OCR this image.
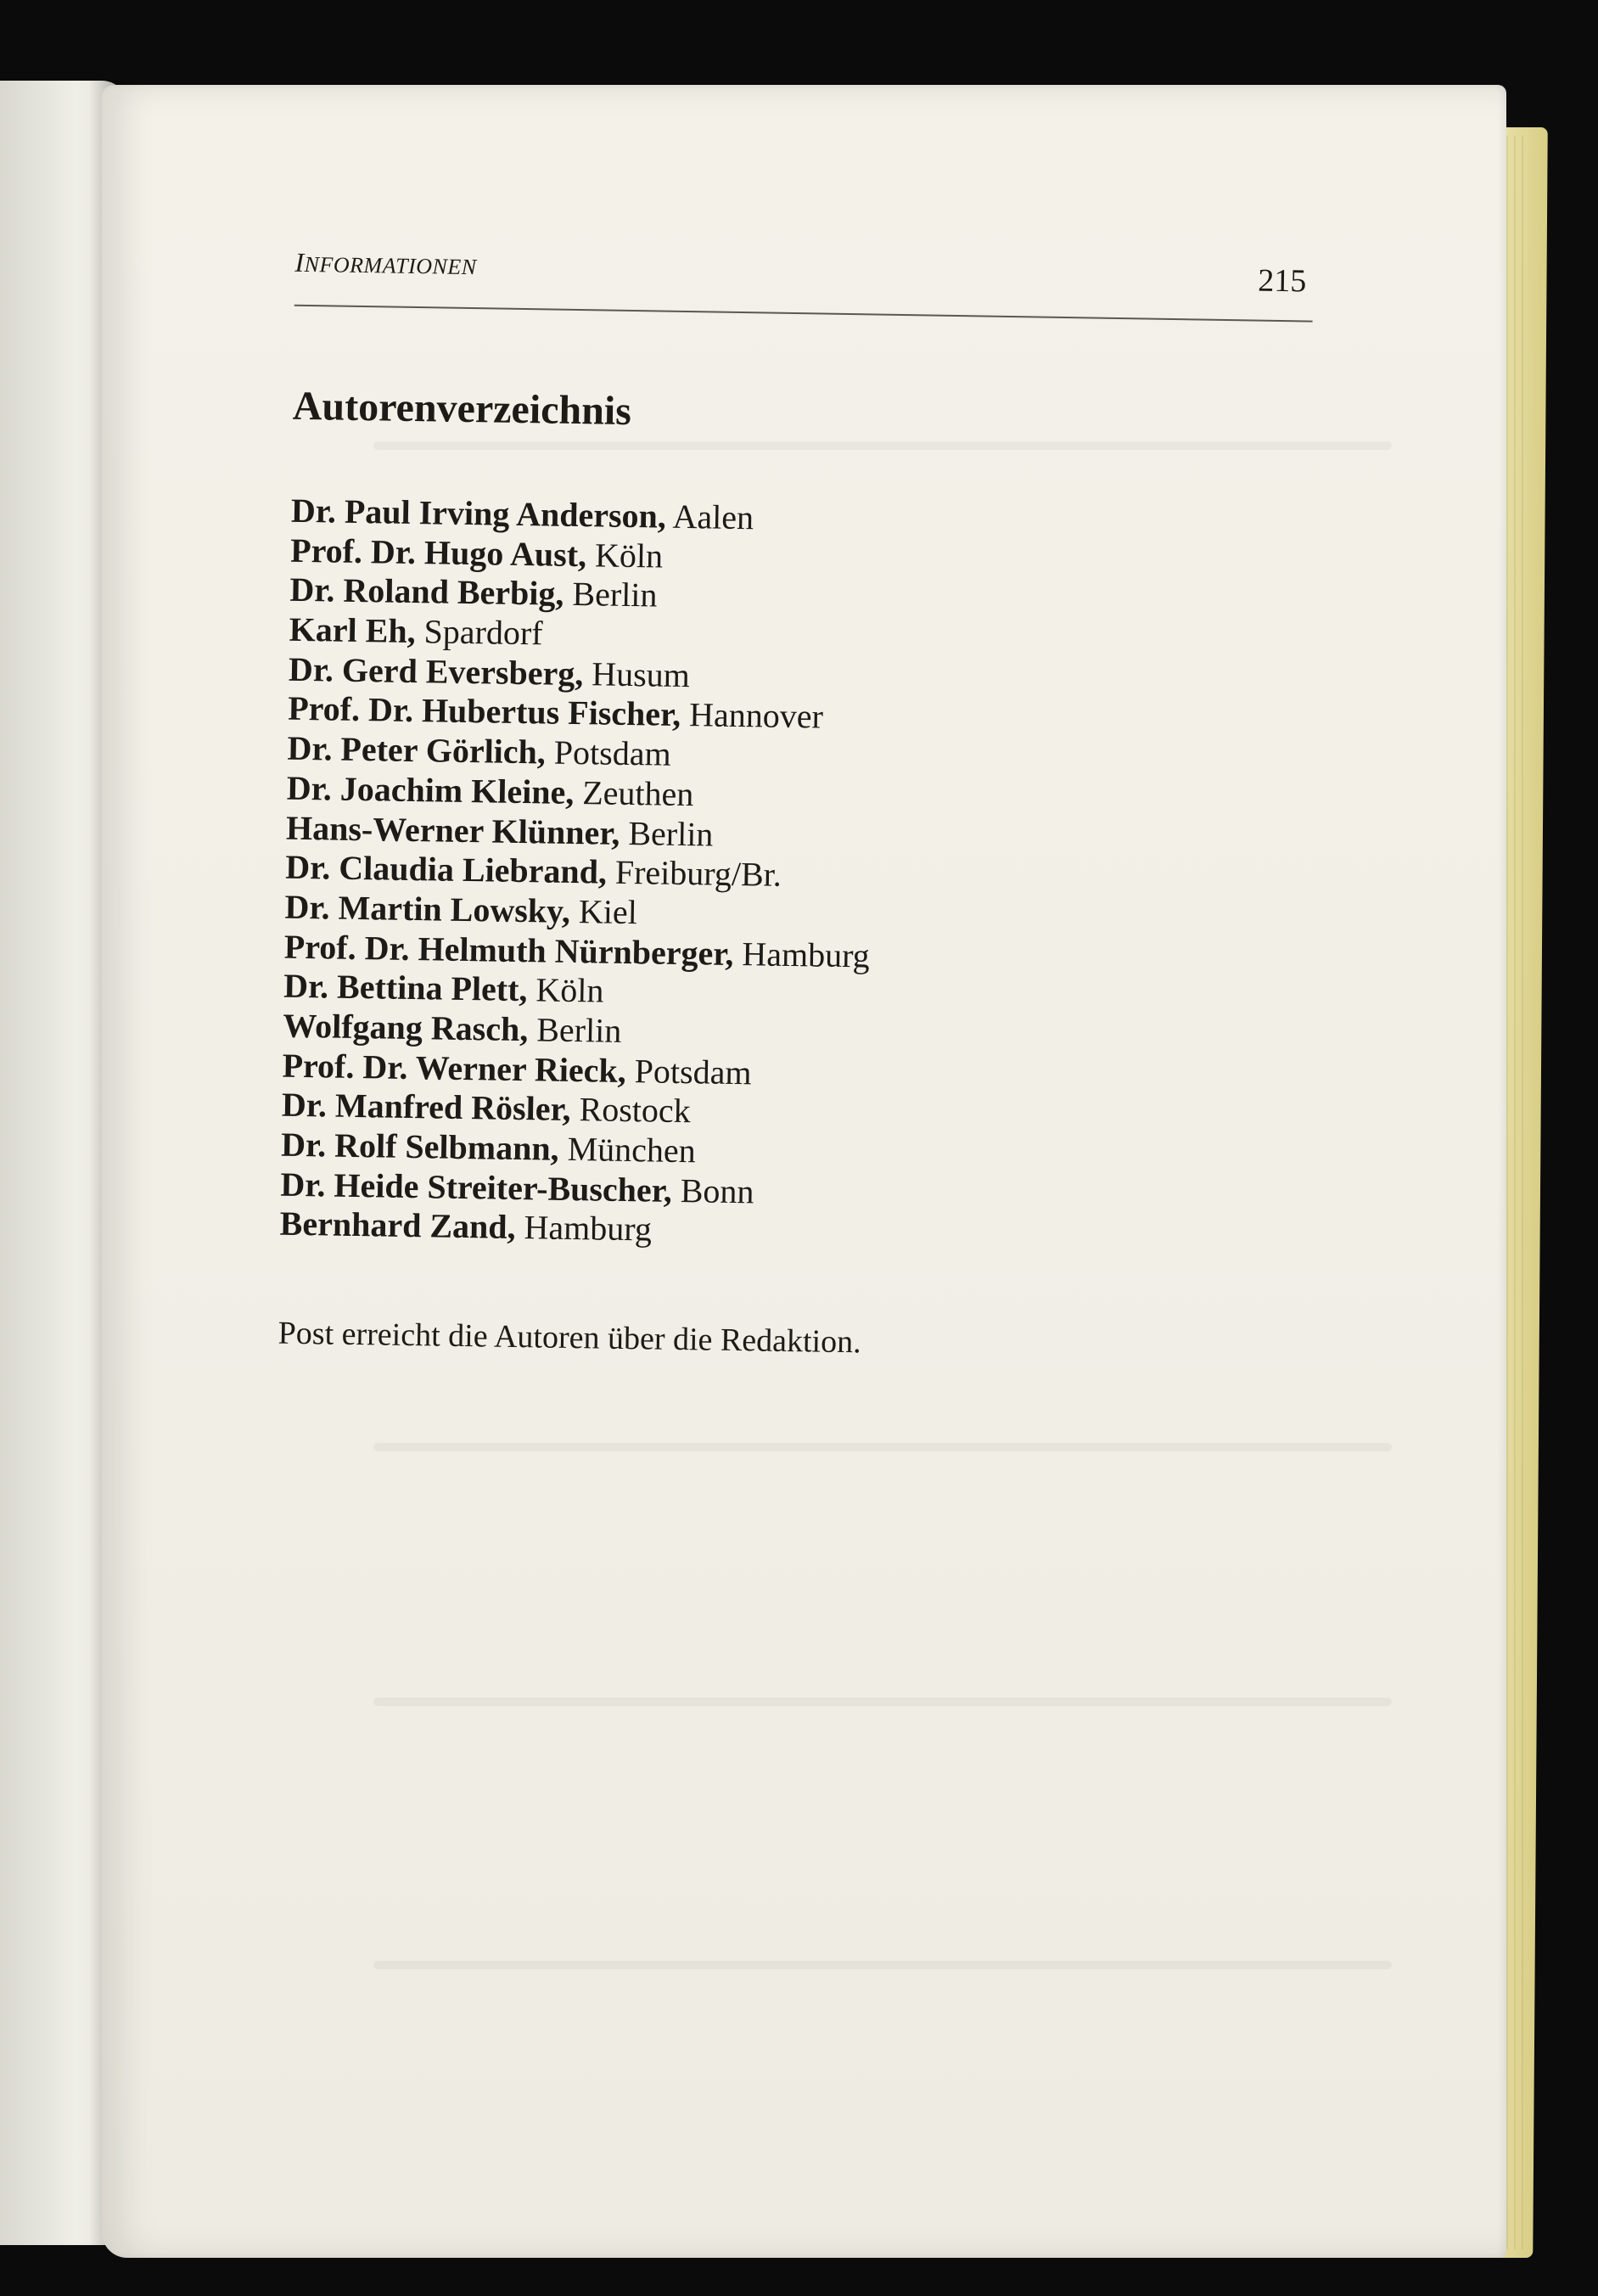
INFORMATIONEN	215
Autorenverzeichnis
Dr. Paul Irving Anderson, Aalen
Prof. Dr. Hugo Aust, Köln
Dr. Roland Berbig, Berlin
Karl Eh, Spardorf
Dr. Gerd Eversberg, Husum
Prof. Dr. Hubertus Fischer, Hannover
Dr. Peter Görlich, Potsdam
Dr. Joachim Kleine, Zeuthen
Hans-Werner Klünner, Berlin
Dr. Claudia Liebrand, Freiburg/Br.
Dr. Martin Lowsky, Kiel
Prof. Dr. Helmuth Nürnberger, Hamburg
Dr. Bettina Plett, Köln
Wolfgang Rasch, Berlin
Prof. Dr. Werner Rieck, Potsdam
Dr. Manfred Rösler, Rostock
Dr. Rolf Selbmann, München
Dr. Heide Streiter-Buscher, Bonn
Bernhard Zand, Hamburg
Post erreicht die Autoren über die Redaktion.
